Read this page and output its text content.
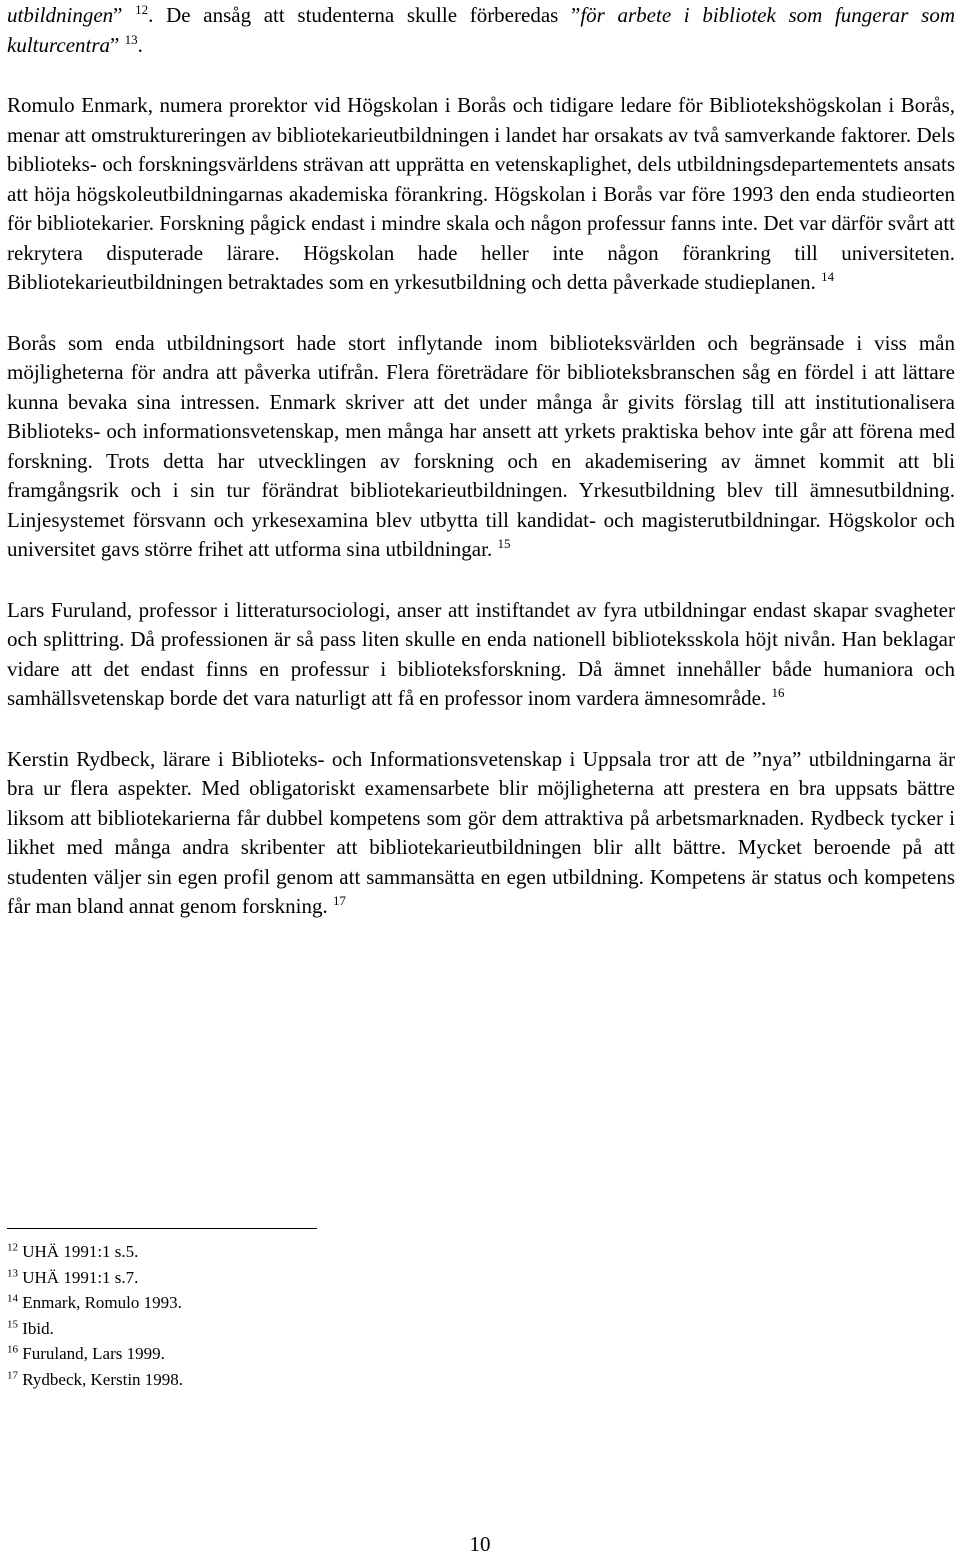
utbildningen” $^{12}$. De ansåg att studenterna skulle förberedas ”för arbete i bibliotek som fungerar som kulturcentra” $^{13}$.

Romulo Enmark, numera prorektor vid Högskolan i Borås och tidigare ledare för Bibliotekshögskolan i Borås, menar att omstruktureringen av bibliotekarieutbildningen i landet har orsakats av två samverkande faktorer. Dels biblioteks- och forskningsvärldens strävan att upprätta en vetenskaplighet, dels utbildningsdepartementets ansats att höja högskoleutbildningarnas akademiska förankring. Högskolan i Borås var före 1993 den enda studieorten för bibliotekarier. Forskning pågick endast i mindre skala och någon professur fanns inte. Det var därför svårt att rekrytera disputerade lärare. Högskolan hade heller inte någon förankring till universiteten. Bibliotekarieutbildningen betraktades som en yrkesutbildning och detta påverkade studieplanen. $^{14}$

Borås som enda utbildningsort hade stort inflytande inom biblioteksvärlden och begränsade i viss mån möjligheterna för andra att påverka utifrån. Flera företrädare för biblioteksbranschen såg en fördel i att lättare kunna bevaka sina intressen. Enmark skriver att det under många år givits förslag till att institutionalisera Biblioteks- och informationsvetenskap, men många har ansett att yrkets praktiska behov inte går att förena med forskning. Trots detta har utvecklingen av forskning och en akademisering av ämnet kommit att bli framgångsrik och i sin tur förändrat bibliotekarieutbildningen. Yrkesutbildning blev till ämnesutbildning. Linjesystemet försvann och yrkesexamina blev utbytta till kandidat- och magisterutbildningar. Högskolor och universitet gavs större frihet att utforma sina utbildningar. $^{15}$

Lars Furuland, professor i litteratursociologi, anser att instiftandet av fyra utbildningar endast skapar svagheter och splittring. Då professionen är så pass liten skulle en enda nationell biblioteksskola höjt nivån. Han beklagar vidare att det endast finns en professur i biblioteksforskning. Då ämnet innehåller både humaniora och samhällsvetenskap borde det vara naturligt att få en professor inom vardera ämnesområde. $^{16}$

Kerstin Rydbeck, lärare i Biblioteks- och Informationsvetenskap i Uppsala tror att de ”nya” utbildningarna är bra ur flera aspekter. Med obligatoriskt examensarbete blir möjligheterna att prestera en bra uppsats bättre liksom att bibliotekarierna får dubbel kompetens som gör dem attraktiva på arbetsmarknaden. Rydbeck tycker i likhet med många andra skribenter att bibliotekarieutbildningen blir allt bättre. Mycket beroende på att studenten väljer sin egen profil genom att sammansätta en egen utbildning. Kompetens är status och kompetens får man bland annat genom forskning. $^{17}$

$^{12}$ UHÄ 1991:1 s.5.
$^{13}$ UHÄ 1991:1 s.7.
$^{14}$ Enmark, Romulo 1993.
$^{15}$ Ibid.
$^{16}$ Furuland, Lars 1999.
$^{17}$ Rydbeck, Kerstin 1998.
10
